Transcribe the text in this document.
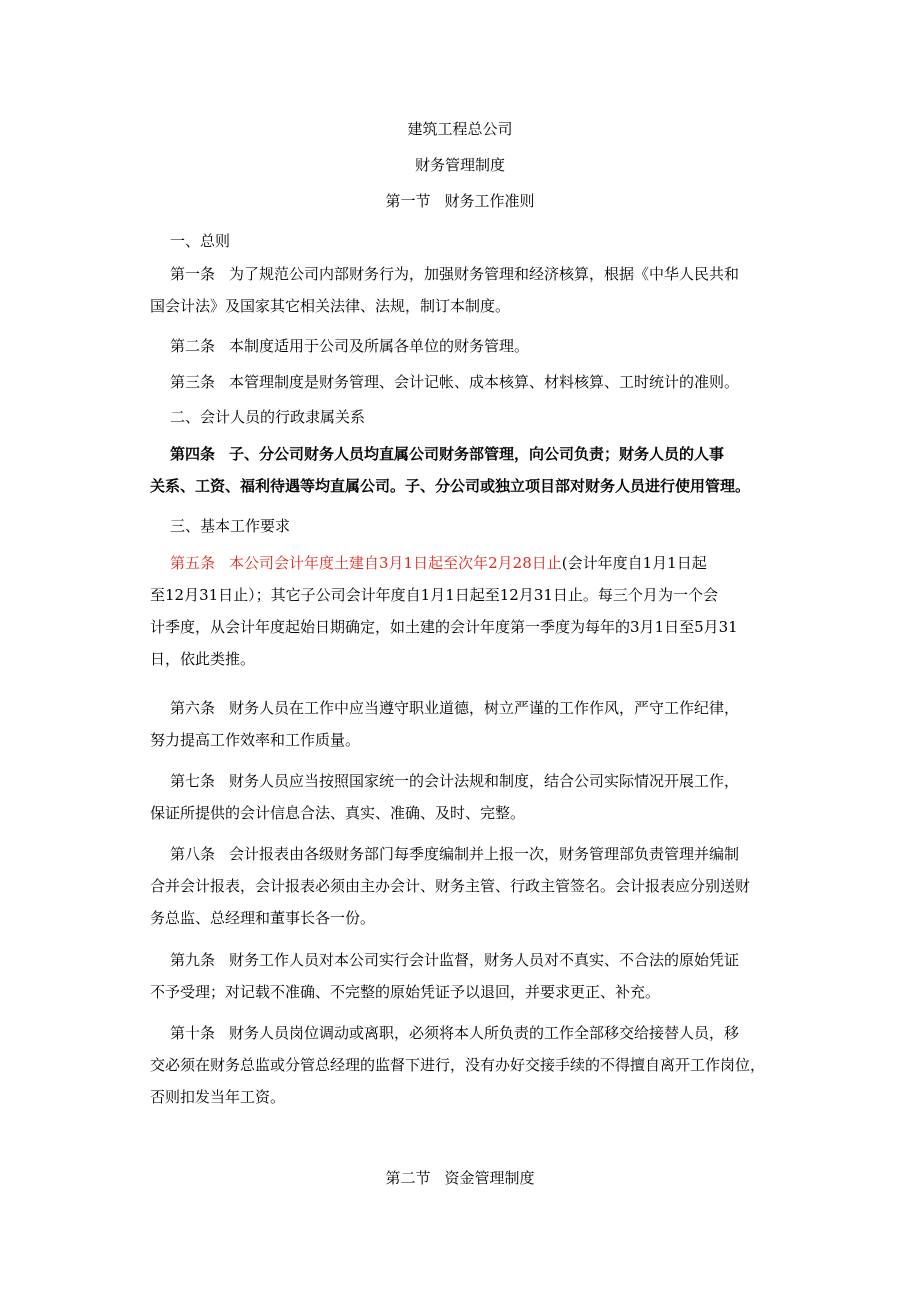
建筑工程总公司
财务管理制度
第一节 财务工作准则
一、总则
第一条 为了规范公司内部财务行为，加强财务管理和经济核算，根据《中华人民共和
国会计法》及国家其它相关法律、法规，制订本制度。
第二条 本制度适用于公司及所属各单位的财务管理。
第三条 本管理制度是财务管理、会计记帐、成本核算、材料核算、工时统计的准则。
二、会计人员的行政隶属关系
第四条 子、分公司财务人员均直属公司财务部管理，向公司负责；财务人员的人事
关系、工资、福利待遇等均直属公司。子、分公司或独立项目部对财务人员进行使用管理。
三、基本工作要求
第五条 本公司会计年度土建自3月1日起至次年2月28日止(会计年度自1月1日起
至12月31日止）；其它子公司会计年度自1月1日起至12月31日止。每三个月为一个会
计季度，从会计年度起始日期确定，如土建的会计年度第一季度为每年的3月1日至5月31
日，依此类推。
第六条 财务人员在工作中应当遵守职业道德，树立严谨的工作作风，严守工作纪律，
努力提高工作效率和工作质量。
第七条 财务人员应当按照国家统一的会计法规和制度，结合公司实际情况开展工作，
保证所提供的会计信息合法、真实、准确、及时、完整。
第八条 会计报表由各级财务部门每季度编制并上报一次，财务管理部负责管理并编制
合并会计报表，会计报表必须由主办会计、财务主管、行政主管签名。会计报表应分别送财
务总监、总经理和董事长各一份。
第九条 财务工作人员对本公司实行会计监督，财务人员对不真实、不合法的原始凭证
不予受理；对记载不准确、不完整的原始凭证予以退回，并要求更正、补充。
第十条 财务人员岗位调动或离职，必须将本人所负责的工作全部移交给接替人员，移
交必须在财务总监或分管总经理的监督下进行，没有办好交接手续的不得擅自离开工作岗位，
否则扣发当年工资。
第二节 资金管理制度
